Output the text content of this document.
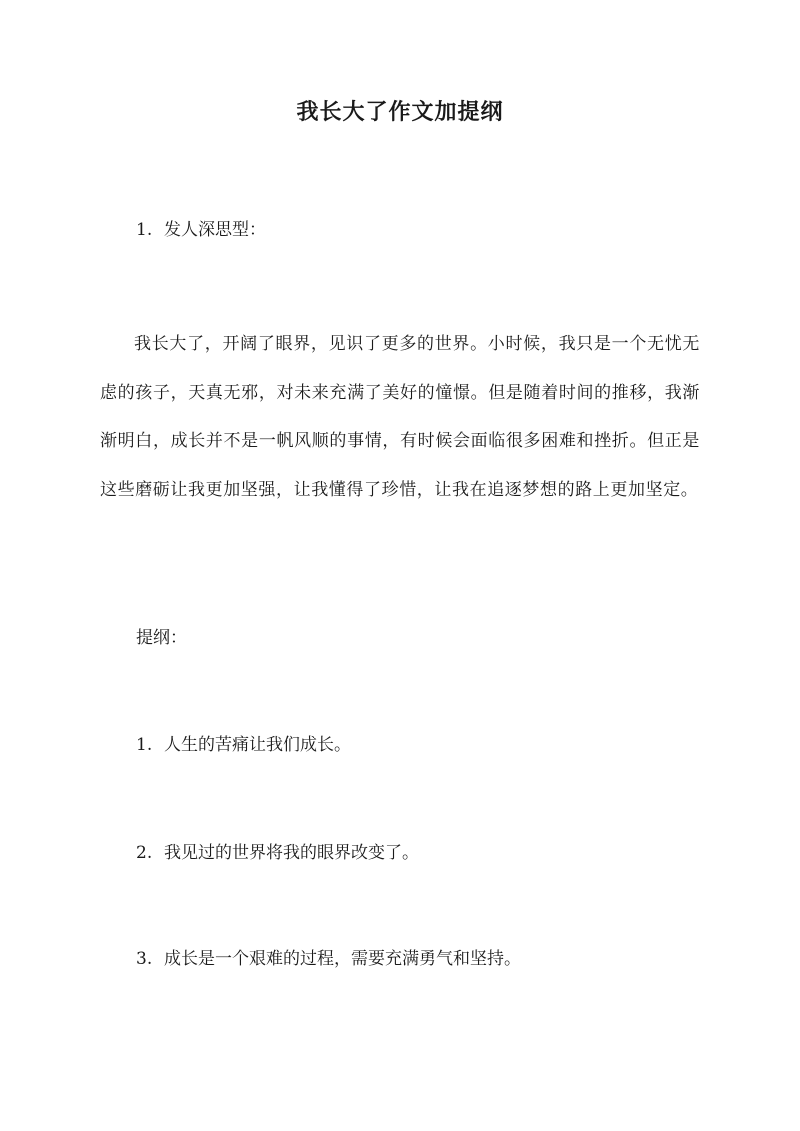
我长大了作文加提纲
1. 发人深思型：
我长大了，开阔了眼界，见识了更多的世界。小时候，我只是一个无忧无虑的孩子，天真无邪，对未来充满了美好的憧憬。但是随着时间的推移，我渐渐明白，成长并不是一帆风顺的事情，有时候会面临很多困难和挫折。但正是这些磨砺让我更加坚强，让我懂得了珍惜，让我在追逐梦想的路上更加坚定。
提纲：
1. 人生的苦痛让我们成长。
2. 我见过的世界将我的眼界改变了。
3. 成长是一个艰难的过程，需要充满勇气和坚持。
